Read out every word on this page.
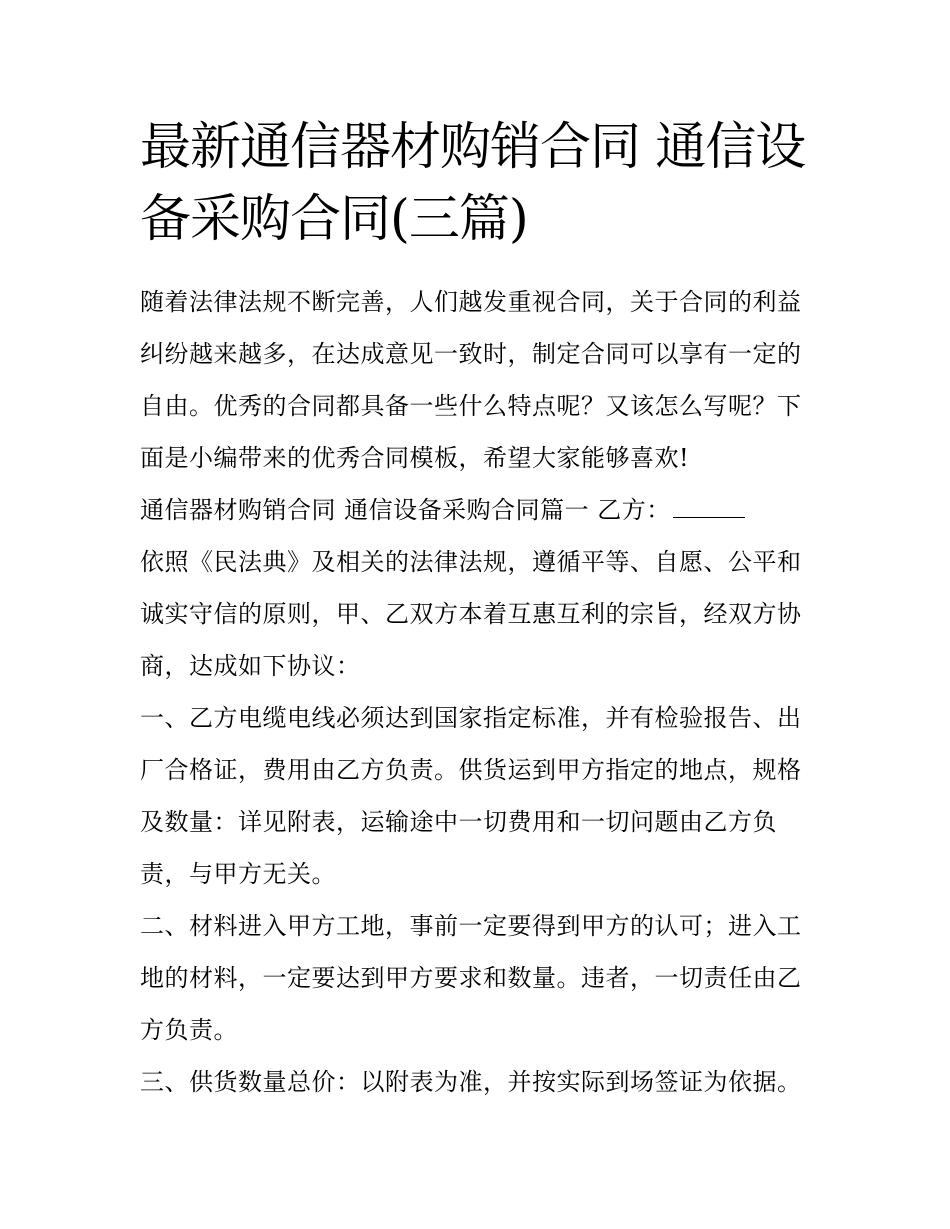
最新通信器材购销合同 通信设备采购合同(三篇)

随着法律法规不断完善，人们越发重视合同，关于合同的利益纠纷越来越多，在达成意见一致时，制定合同可以享有一定的自由。优秀的合同都具备一些什么特点呢？又该怎么写呢？下面是小编带来的优秀合同模板，希望大家能够喜欢!

通信器材购销合同 通信设备采购合同篇一 乙方：

依照《民法典》及相关的法律法规，遵循平等、自愿、公平和诚实守信的原则，甲、乙双方本着互惠互利的宗旨，经双方协商，达成如下协议：

一、乙方电缆电线必须达到国家指定标准，并有检验报告、出厂合格证，费用由乙方负责。供货运到甲方指定的地点，规格及数量：详见附表，运输途中一切费用和一切问题由乙方负责，与甲方无关。

二、材料进入甲方工地，事前一定要得到甲方的认可；进入工地的材料，一定要达到甲方要求和数量。违者，一切责任由乙方负责。

三、供货数量总价：以附表为准，并按实际到场签证为依据。
